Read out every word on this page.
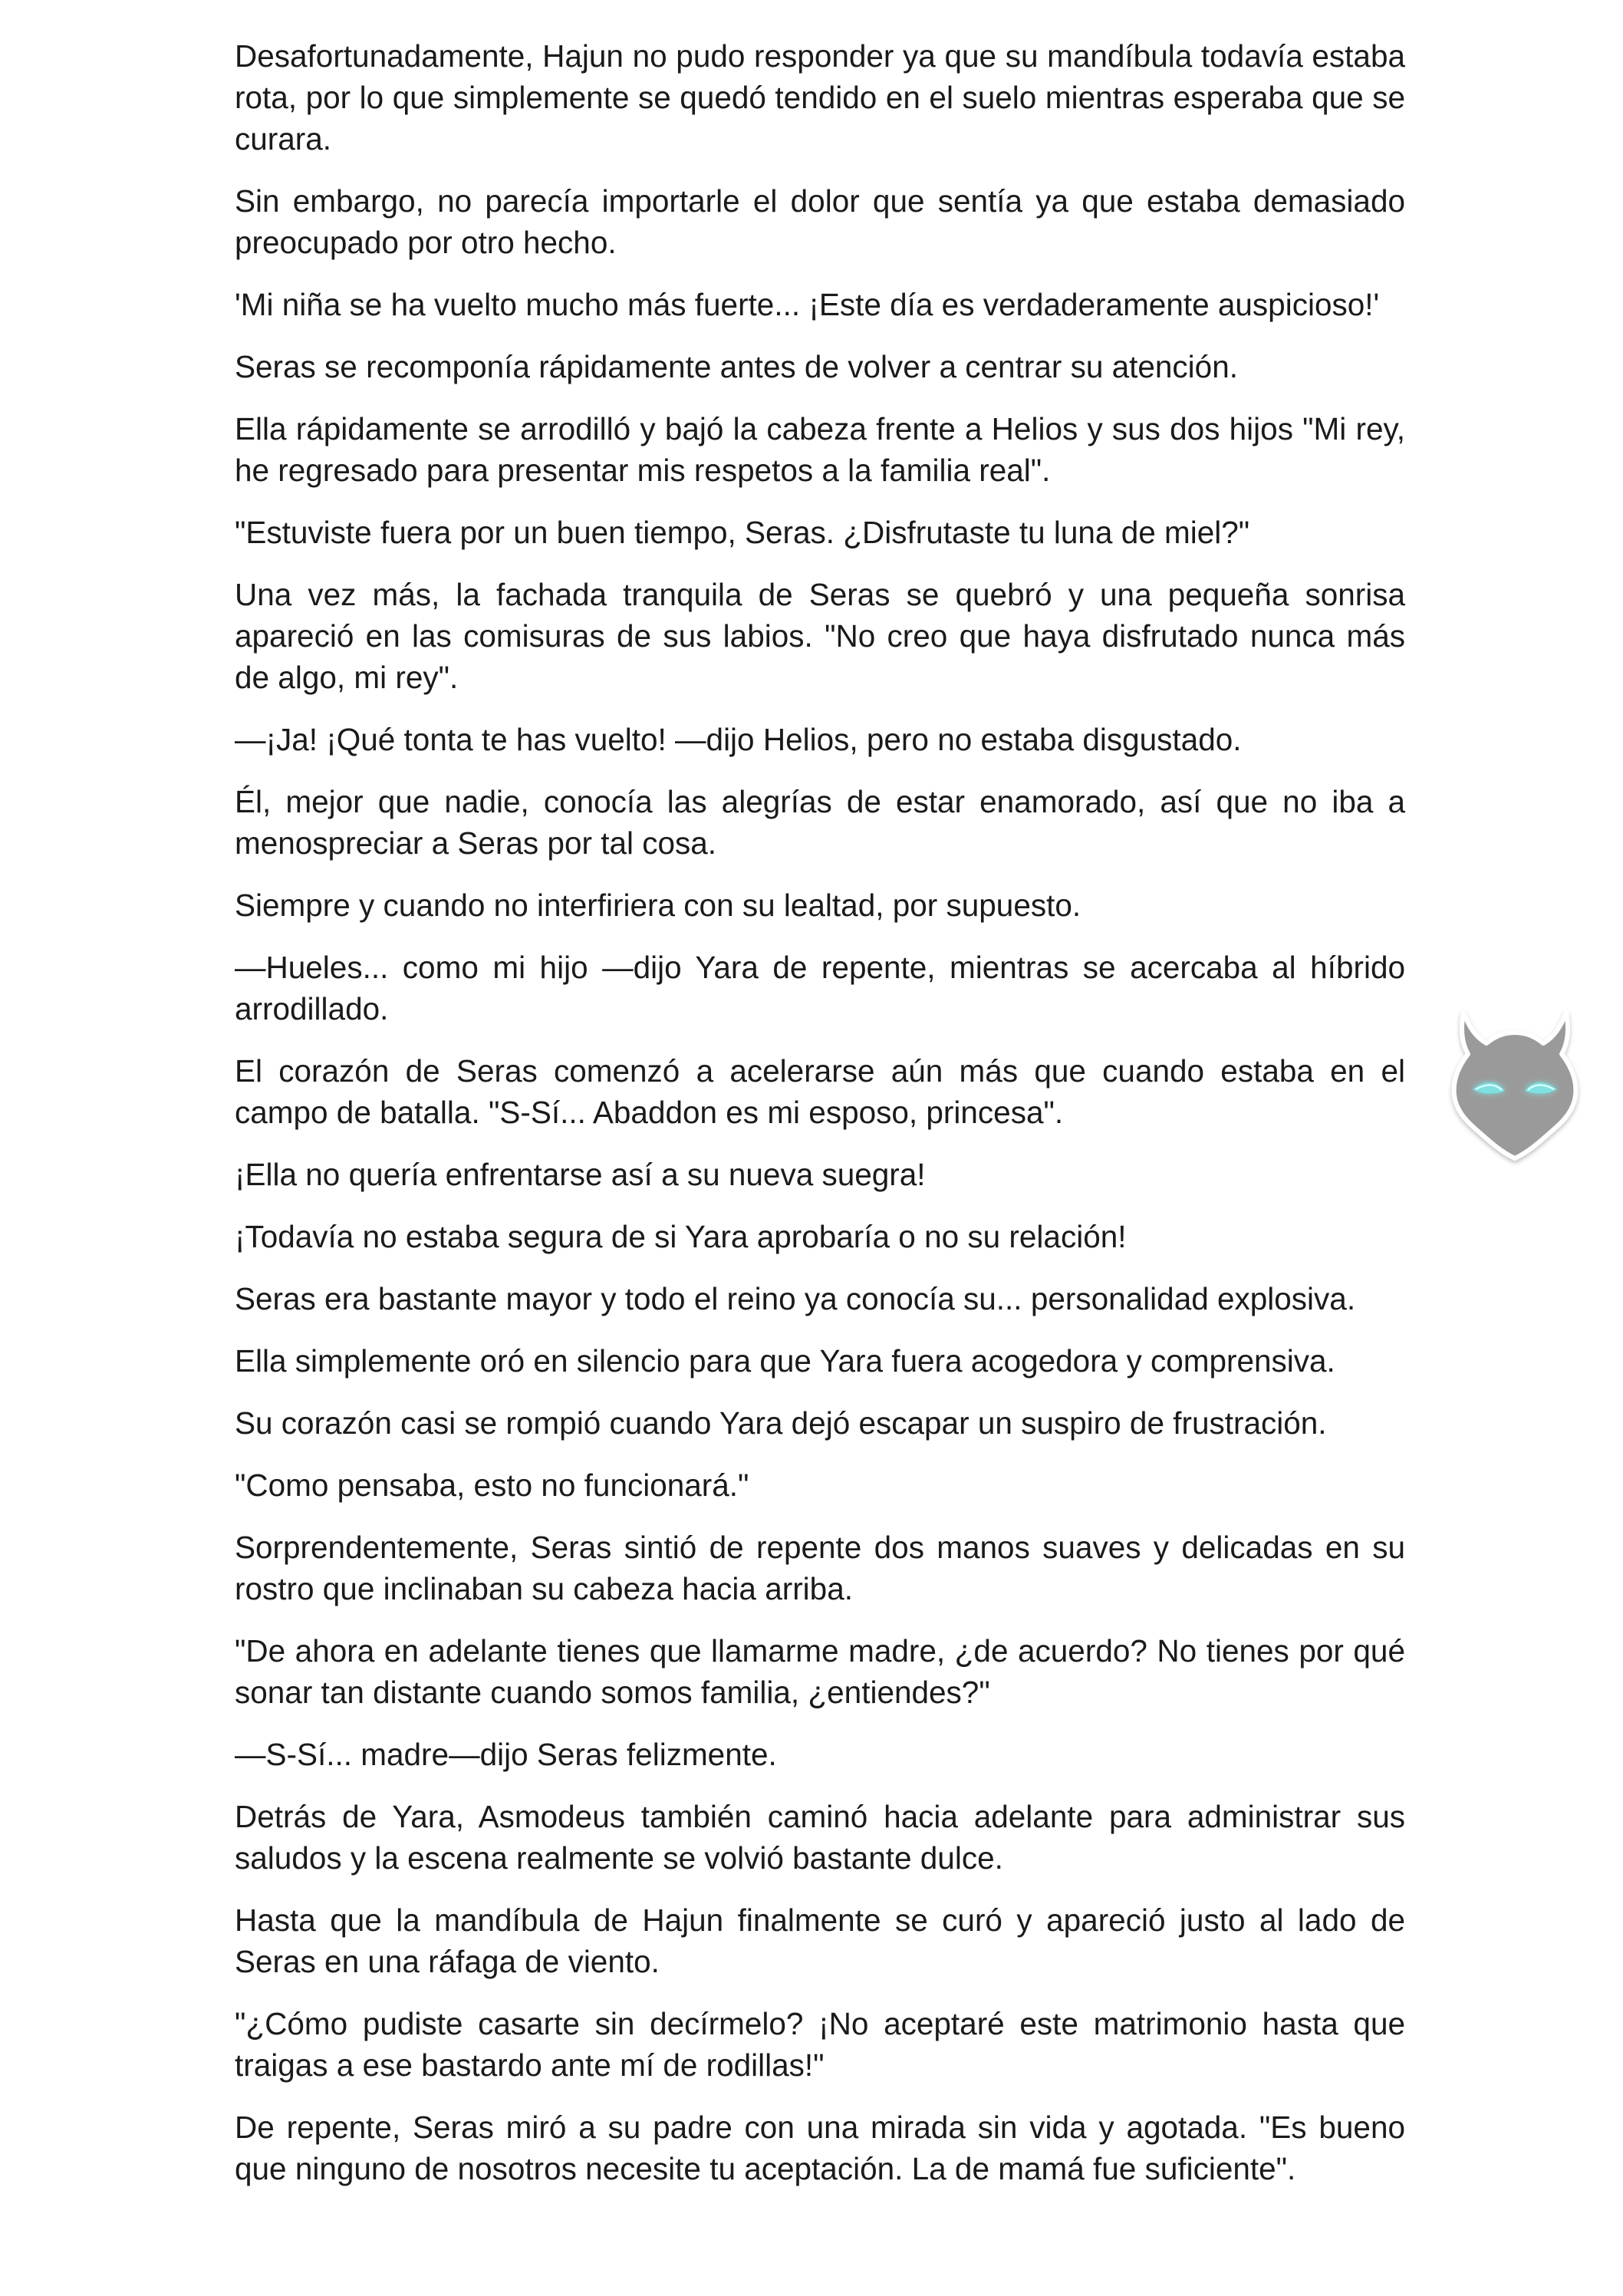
Desafortunadamente, Hajun no pudo responder ya que su mandíbula todavía estaba rota, por lo que simplemente se quedó tendido en el suelo mientras esperaba que se curara.

Sin embargo, no parecía importarle el dolor que sentía ya que estaba demasiado preocupado por otro hecho.

'Mi niña se ha vuelto mucho más fuerte... ¡Este día es verdaderamente auspicioso!'

Seras se recomponía rápidamente antes de volver a centrar su atención.

Ella rápidamente se arrodilló y bajó la cabeza frente a Helios y sus dos hijos "Mi rey, he regresado para presentar mis respetos a la familia real".

"Estuviste fuera por un buen tiempo, Seras. ¿Disfrutaste tu luna de miel?"

Una vez más, la fachada tranquila de Seras se quebró y una pequeña sonrisa apareció en las comisuras de sus labios. "No creo que haya disfrutado nunca más de algo, mi rey".

—¡Ja! ¡Qué tonta te has vuelto! —dijo Helios, pero no estaba disgustado.

Él, mejor que nadie, conocía las alegrías de estar enamorado, así que no iba a menospreciar a Seras por tal cosa.

Siempre y cuando no interfiriera con su lealtad, por supuesto.

—Hueles... como mi hijo —dijo Yara de repente, mientras se acercaba al híbrido arrodillado.

El corazón de Seras comenzó a acelerarse aún más que cuando estaba en el campo de batalla. "S-Sí... Abaddon es mi esposo, princesa".

¡Ella no quería enfrentarse así a su nueva suegra!

¡Todavía no estaba segura de si Yara aprobaría o no su relación!

Seras era bastante mayor y todo el reino ya conocía su... personalidad explosiva.

Ella simplemente oró en silencio para que Yara fuera acogedora y comprensiva.

Su corazón casi se rompió cuando Yara dejó escapar un suspiro de frustración.

"Como pensaba, esto no funcionará."

Sorprendentemente, Seras sintió de repente dos manos suaves y delicadas en su rostro que inclinaban su cabeza hacia arriba.

"De ahora en adelante tienes que llamarme madre, ¿de acuerdo? No tienes por qué sonar tan distante cuando somos familia, ¿entiendes?"

—S-Sí... madre—dijo Seras felizmente.

Detrás de Yara, Asmodeus también caminó hacia adelante para administrar sus saludos y la escena realmente se volvió bastante dulce.

Hasta que la mandíbula de Hajun finalmente se curó y apareció justo al lado de Seras en una ráfaga de viento.

"¿Cómo pudiste casarte sin decírmelo? ¡No aceptaré este matrimonio hasta que traigas a ese bastardo ante mí de rodillas!"

De repente, Seras miró a su padre con una mirada sin vida y agotada. "Es bueno que ninguno de nosotros necesite tu aceptación. La de mamá fue suficiente".
